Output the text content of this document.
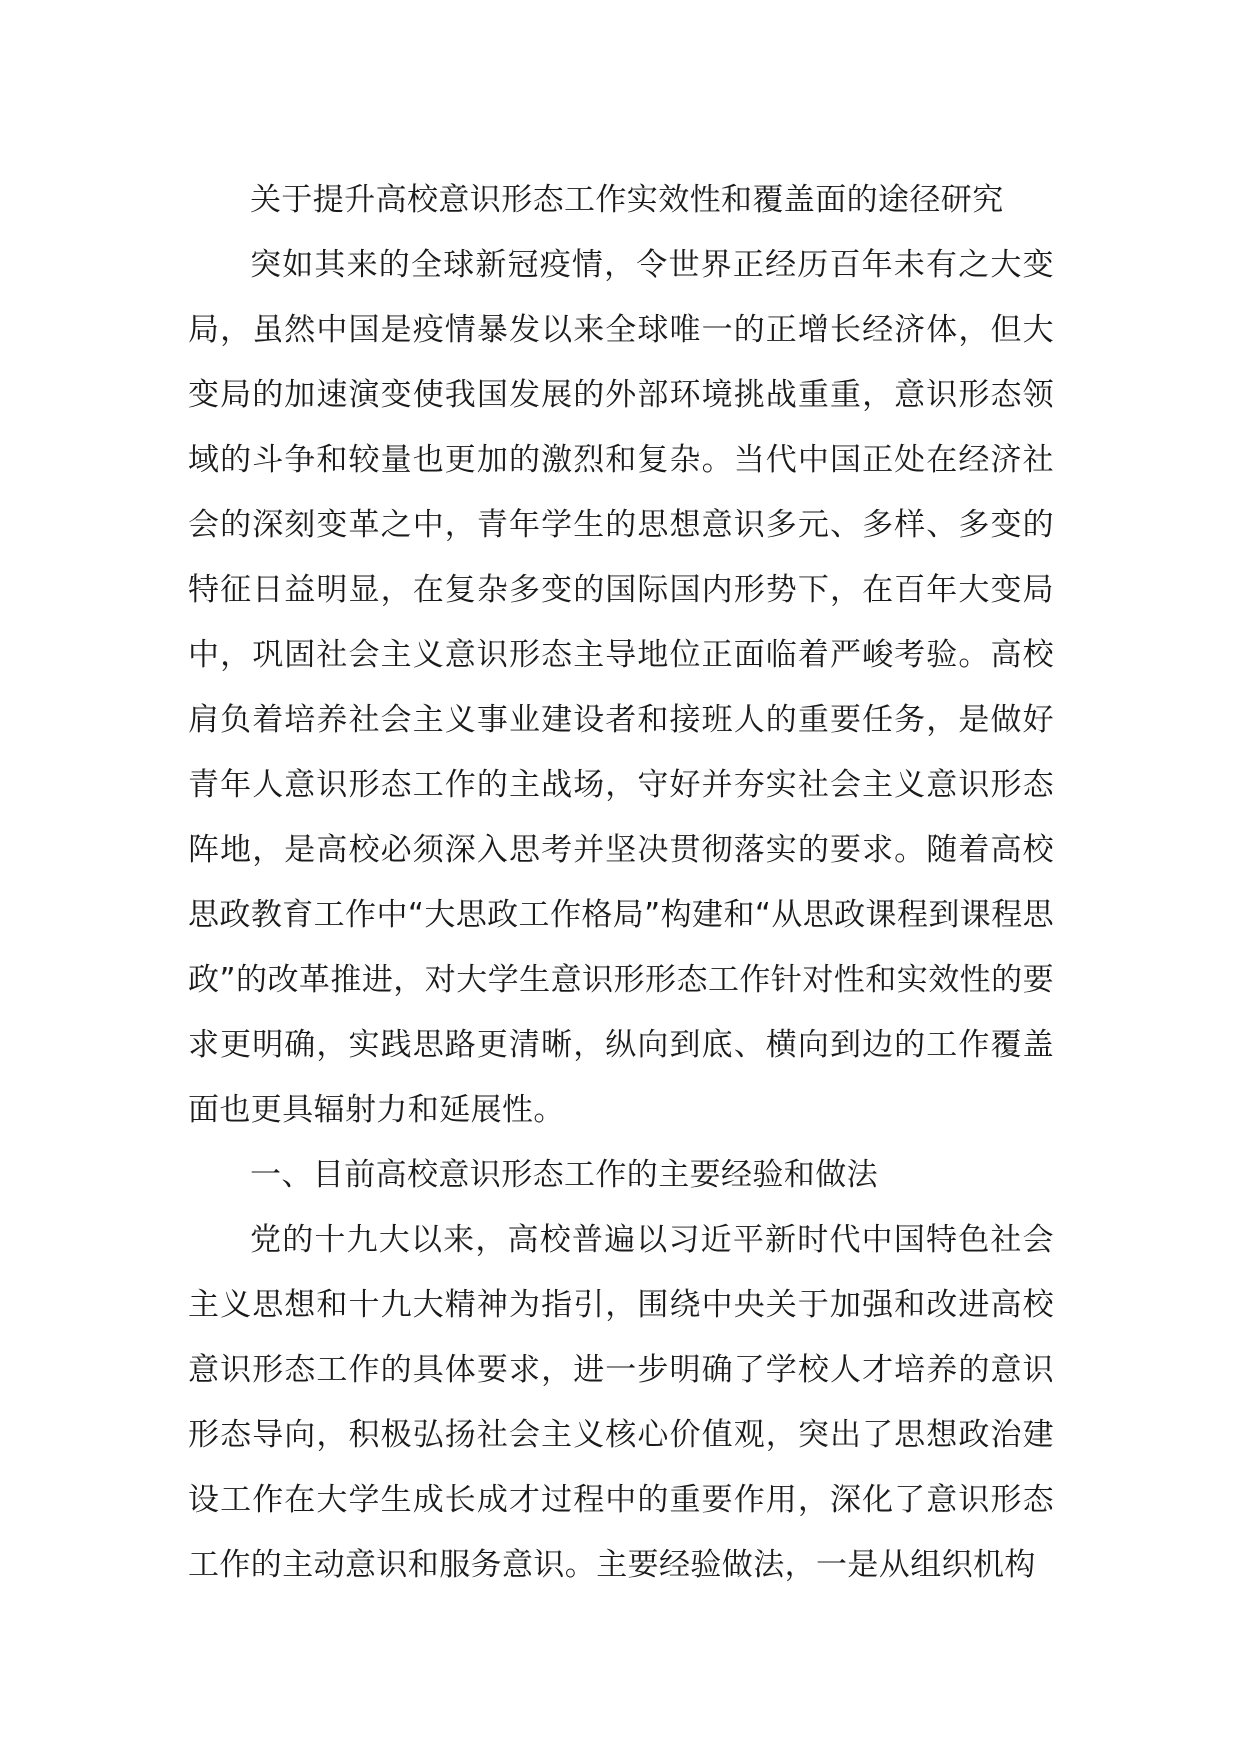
关于提升高校意识形态工作实效性和覆盖面的途径研究

突如其来的全球新冠疫情，令世界正经历百年未有之大变局，虽然中国是疫情暴发以来全球唯一的正增长经济体，但大变局的加速演变使我国发展的外部环境挑战重重，意识形态领域的斗争和较量也更加的激烈和复杂。当代中国正处在经济社会的深刻变革之中，青年学生的思想意识多元、多样、多变的特征日益明显，在复杂多变的国际国内形势下，在百年大变局中，巩固社会主义意识形态主导地位正面临着严峻考验。高校肩负着培养社会主义事业建设者和接班人的重要任务，是做好青年人意识形态工作的主战场，守好并夯实社会主义意识形态阵地，是高校必须深入思考并坚决贯彻落实的要求。随着高校思政教育工作中“大思政工作格局”构建和“从思政课程到课程思政”的改革推进，对大学生意识形形态工作针对性和实效性的要求更明确，实践思路更清晰，纵向到底、横向到边的工作覆盖面也更具辐射力和延展性。

一、目前高校意识形态工作的主要经验和做法

党的十九大以来，高校普遍以习近平新时代中国特色社会主义思想和十九大精神为指引，围绕中央关于加强和改进高校意识形态工作的具体要求，进一步明确了学校人才培养的意识形态导向，积极弘扬社会主义核心价值观，突出了思想政治建设工作在大学生成长成才过程中的重要作用，深化了意识形态工作的主动意识和服务意识。主要经验做法，一是从组织机构
